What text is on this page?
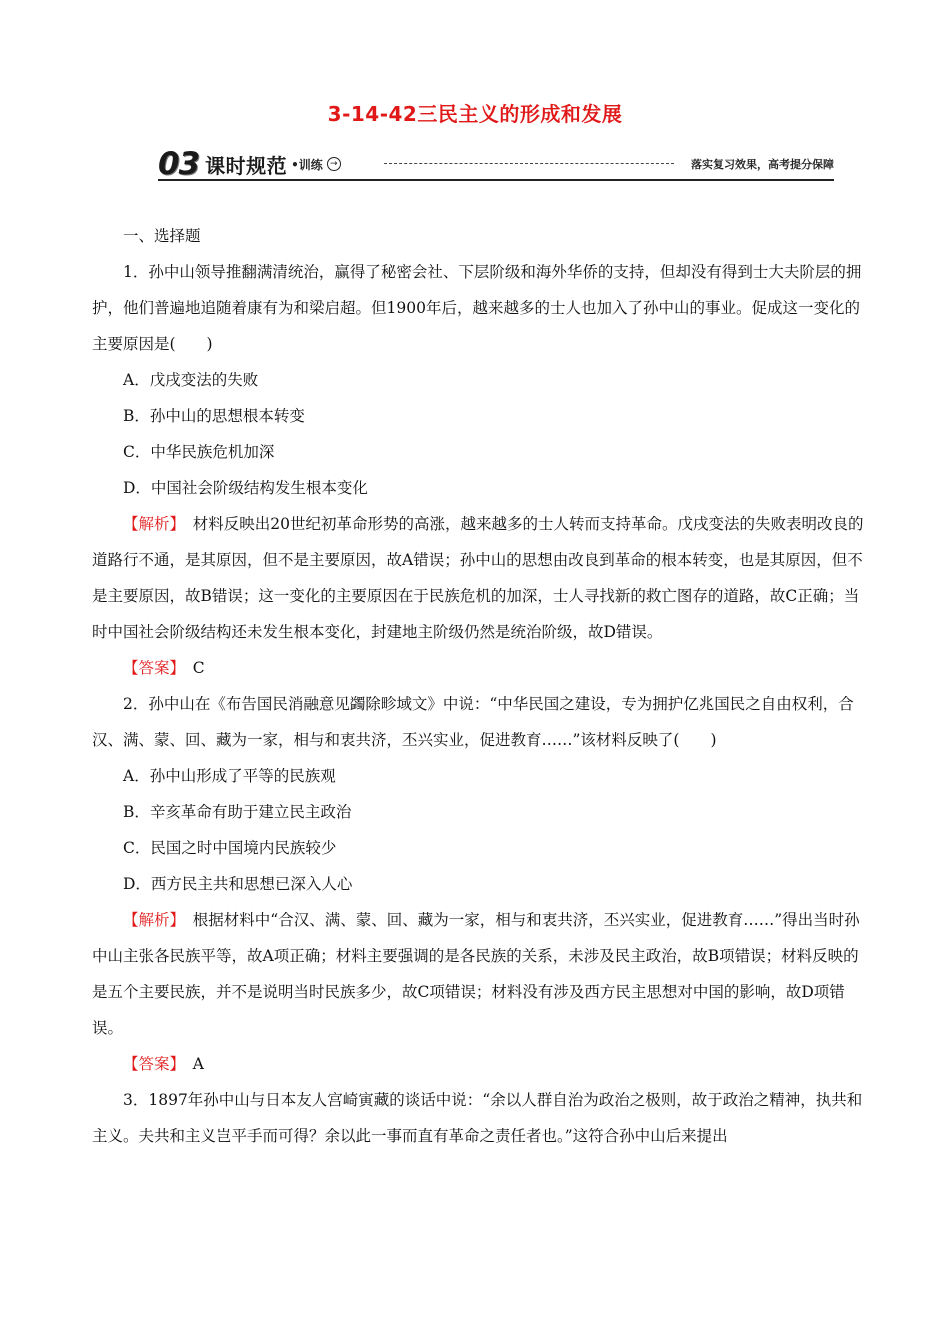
3-14-42三民主义的形成和发展
03 课时规范 •训练 →	落实复习效果，高考提分保障
一、选择题
1．孙中山领导推翻满清统治，赢得了秘密会社、下层阶级和海外华侨的支持，但却没有得到士大夫阶层的拥护，他们普遍地追随着康有为和梁启超。但1900年后，越来越多的士人也加入了孙中山的事业。促成这一变化的主要原因是(　　)
A．戊戌变法的失败
B．孙中山的思想根本转变
C．中华民族危机加深
D．中国社会阶级结构发生根本变化
【解析】　 材料反映出20世纪初革命形势的高涨，越来越多的士人转而支持革命。戊戌变法的失败表明改良的道路行不通，是其原因，但不是主要原因，故A错误；孙中山的思想由改良到革命的根本转变，也是其原因，但不是主要原因，故B错误；这一变化的主要原因在于民族危机的加深，士人寻找新的救亡图存的道路，故C正确；当时中国社会阶级结构还未发生根本变化，封建地主阶级仍然是统治阶级，故D错误。
【答案】　 C
2．孙中山在《布告国民消融意见蠲除畛域文》中说：“中华民国之建设，专为拥护亿兆国民之自由权利，合汉、满、蒙、回、藏为一家，相与和衷共济，丕兴实业，促进教育……”该材料反映了(　　)
A．孙中山形成了平等的民族观
B．辛亥革命有助于建立民主政治
C．民国之时中国境内民族较少
D．西方民主共和思想已深入人心
【解析】　 根据材料中“合汉、满、蒙、回、藏为一家，相与和衷共济，丕兴实业，促进教育……”得出当时孙中山主张各民族平等，故A项正确；材料主要强调的是各民族的关系，未涉及民主政治，故B项错误；材料反映的是五个主要民族，并不是说明当时民族多少，故C项错误；材料没有涉及西方民主思想对中国的影响，故D项错误。
【答案】　 A
3．1897年孙中山与日本友人宫崎寅藏的谈话中说：“余以人群自治为政治之极则，故于政治之精神，执共和主义。夫共和主义岂平手而可得？余以此一事而直有革命之责任者也。”这符合孙中山后来提出
